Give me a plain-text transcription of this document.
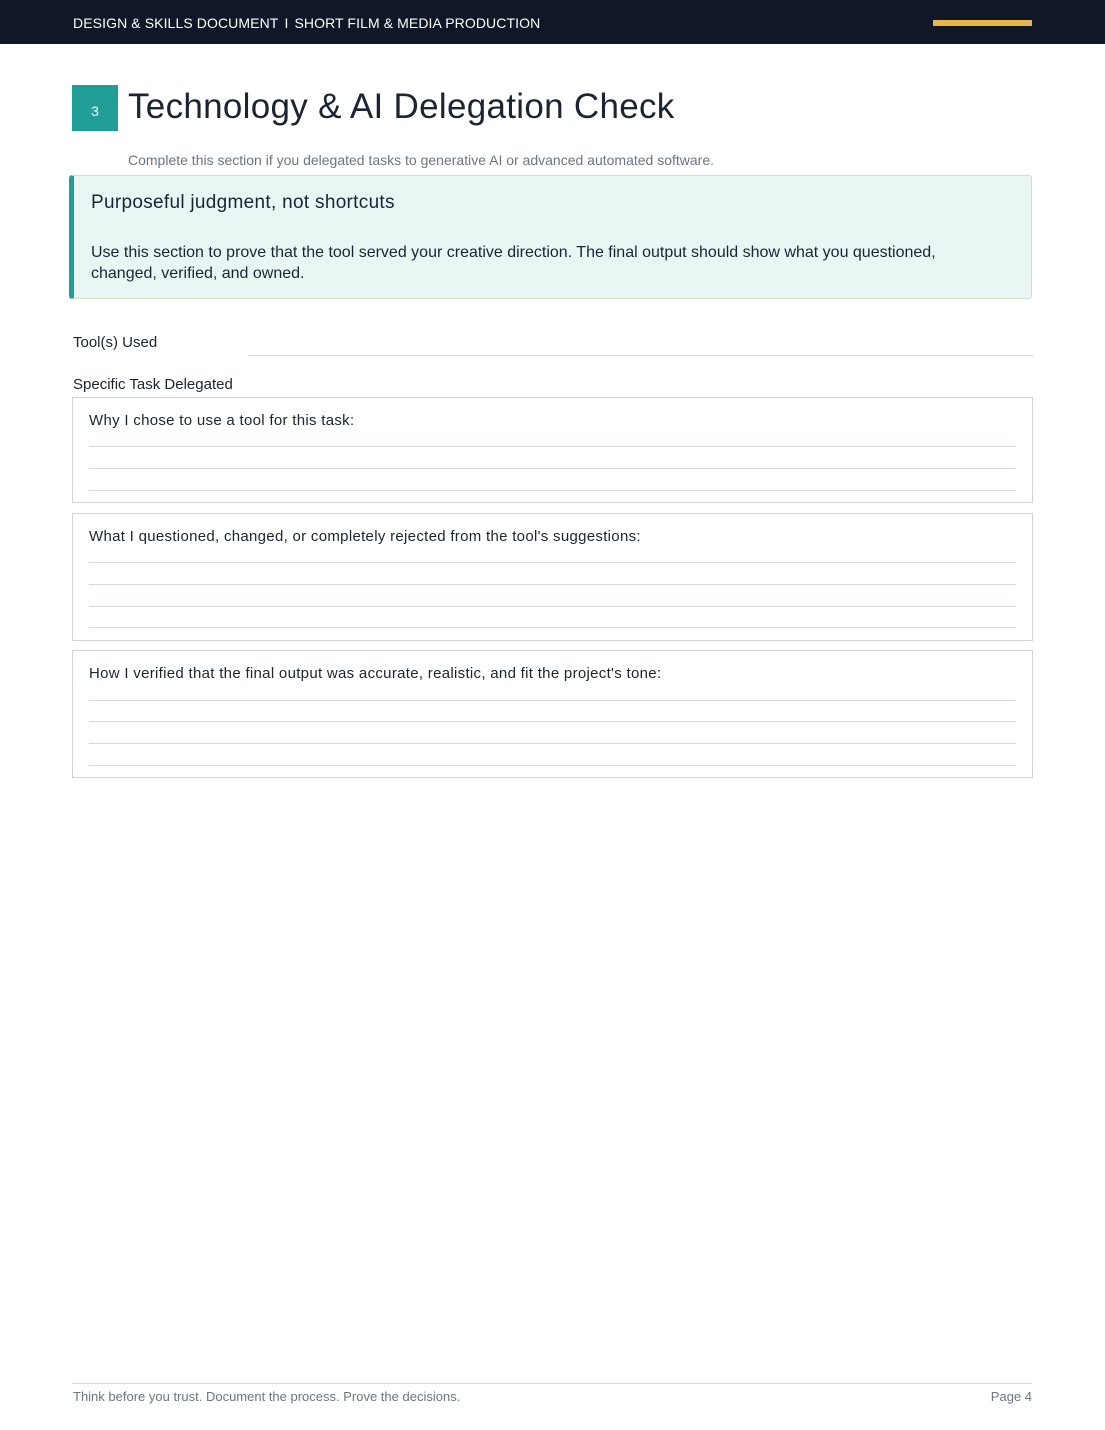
DESIGN & SKILLS DOCUMENT I SHORT FILM & MEDIA PRODUCTION
3 Technology & AI Delegation Check
Complete this section if you delegated tasks to generative AI or advanced automated software.
Purposeful judgment, not shortcuts
Use this section to prove that the tool served your creative direction. The final output should show what you questioned, changed, verified, and owned.
Tool(s) Used
Specific Task Delegated
Why I chose to use a tool for this task:
What I questioned, changed, or completely rejected from the tool's suggestions:
How I verified that the final output was accurate, realistic, and fit the project's tone:
Think before you trust. Document the process. Prove the decisions.	Page 4
